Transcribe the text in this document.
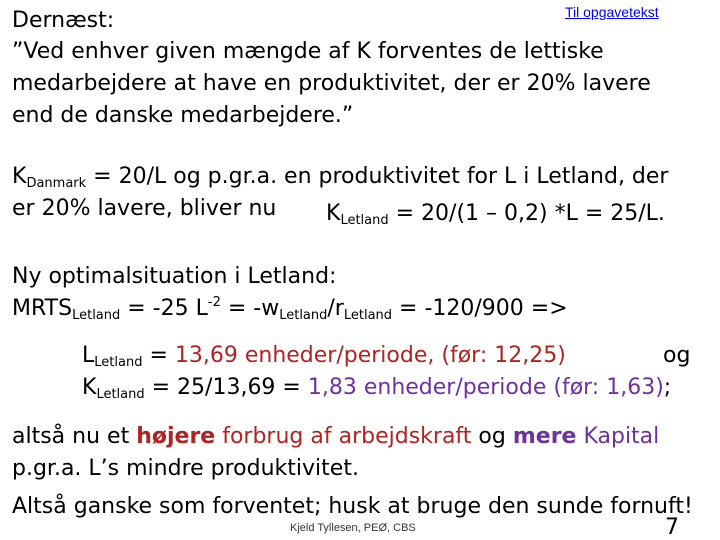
Til opgavetekst
Dernæst:
”Ved enhver given mængde af K forventes de lettiske
medarbejdere at have en produktivitet, der er 20% lavere
end de danske medarbejdere.”
$K_{Danmark} = 20/L$ og p.gr.a. en produktivitet for L i Letland, der
er 20% lavere, bliver nu $K_{Letland} = 20/(1 - 0,2) *L = 25/L$.
Ny optimalsituation i Letland:
$MRTS_{Letland} = -25$ $L^{-2} = -w_{Letland}/r_{Letland} = -120/900$ =>
$L_{Letland} = 13,69$ enheder/periode, (før: 12,25)	og
$K_{Letland} = 25/13,69 = 1,83$ enheder/periode (før: 1,63);
altså nu et højere forbrug af arbejdskraft og mere Kapital
p.gr.a. L’s mindre produktivitet.
Altså ganske som forventet; husk at bruge den sunde fornuft!
Kjeld Tyllesen, PEØ, CBS	7
